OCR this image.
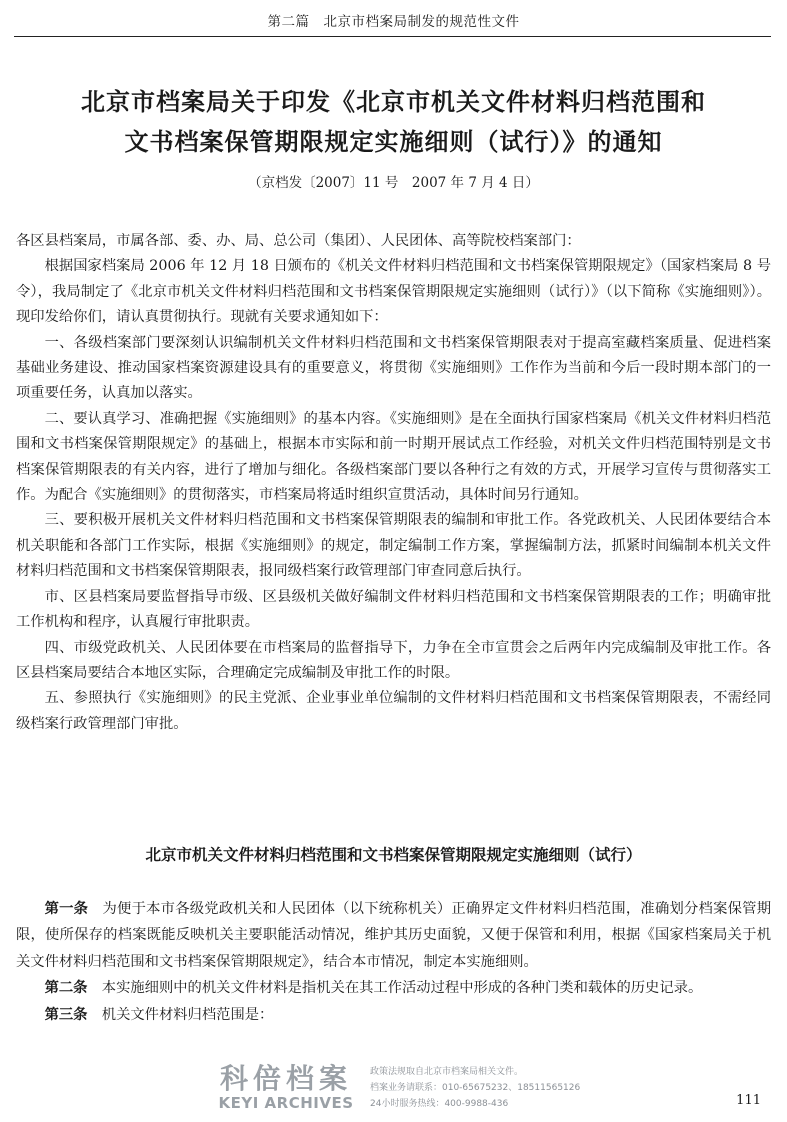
第二篇　北京市档案局制发的规范性文件
北京市档案局关于印发《北京市机关文件材料归档范围和
文书档案保管期限规定实施细则（试行）》的通知
（京档发〔2007〕11 号　2007 年 7 月 4 日）

各区县档案局，市属各部、委、办、局、总公司（集团）、人民团体、高等院校档案部门：

根据国家档案局 2006 年 12 月 18 日颁布的《机关文件材料归档范围和文书档案保管期限规定》（国家档案局 8 号令），我局制定了《北京市机关文件材料归档范围和文书档案保管期限规定实施细则（试行）》（以下简称《实施细则》）。现印发给你们，请认真贯彻执行。现就有关要求通知如下：

一、各级档案部门要深刻认识编制机关文件材料归档范围和文书档案保管期限表对于提高室藏档案质量、促进档案基础业务建设、推动国家档案资源建设具有的重要意义，将贯彻《实施细则》工作作为当前和今后一段时期本部门的一项重要任务，认真加以落实。

二、要认真学习、准确把握《实施细则》的基本内容。《实施细则》是在全面执行国家档案局《机关文件材料归档范围和文书档案保管期限规定》的基础上，根据本市实际和前一时期开展试点工作经验，对机关文件归档范围特别是文书档案保管期限表的有关内容，进行了增加与细化。各级档案部门要以各种行之有效的方式，开展学习宣传与贯彻落实工作。为配合《实施细则》的贯彻落实，市档案局将适时组织宣贯活动，具体时间另行通知。

三、要积极开展机关文件材料归档范围和文书档案保管期限表的编制和审批工作。各党政机关、人民团体要结合本机关职能和各部门工作实际，根据《实施细则》的规定，制定编制工作方案，掌握编制方法，抓紧时间编制本机关文件材料归档范围和文书档案保管期限表，报同级档案行政管理部门审查同意后执行。

市、区县档案局要监督指导市级、区县级机关做好编制文件材料归档范围和文书档案保管期限表的工作；明确审批工作机构和程序，认真履行审批职责。

四、市级党政机关、人民团体要在市档案局的监督指导下，力争在全市宣贯会之后两年内完成编制及审批工作。各区县档案局要结合本地区实际，合理确定完成编制及审批工作的时限。

五、参照执行《实施细则》的民主党派、企业事业单位编制的文件材料归档范围和文书档案保管期限表，不需经同级档案行政管理部门审批。

北京市机关文件材料归档范围和文书档案保管期限规定实施细则（试行）

第一条 为便于本市各级党政机关和人民团体（以下统称机关）正确界定文件材料归档范围，准确划分档案保管期限，使所保存的档案既能反映机关主要职能活动情况，维护其历史面貌，又便于保管和利用，根据《国家档案局关于机关文件材料归档范围和文书档案保管期限规定》，结合本市情况，制定本实施细则。

第二条 本实施细则中的机关文件材料是指机关在其工作活动过程中形成的各种门类和载体的历史记录。

第三条 机关文件材料归档范围是：

科倍档案
KEYI ARCHIVES
政策法规取自北京市档案局相关文件。
档案业务请联系：010-65675232、18511565126
24小时服务热线：400-9988-436	111
